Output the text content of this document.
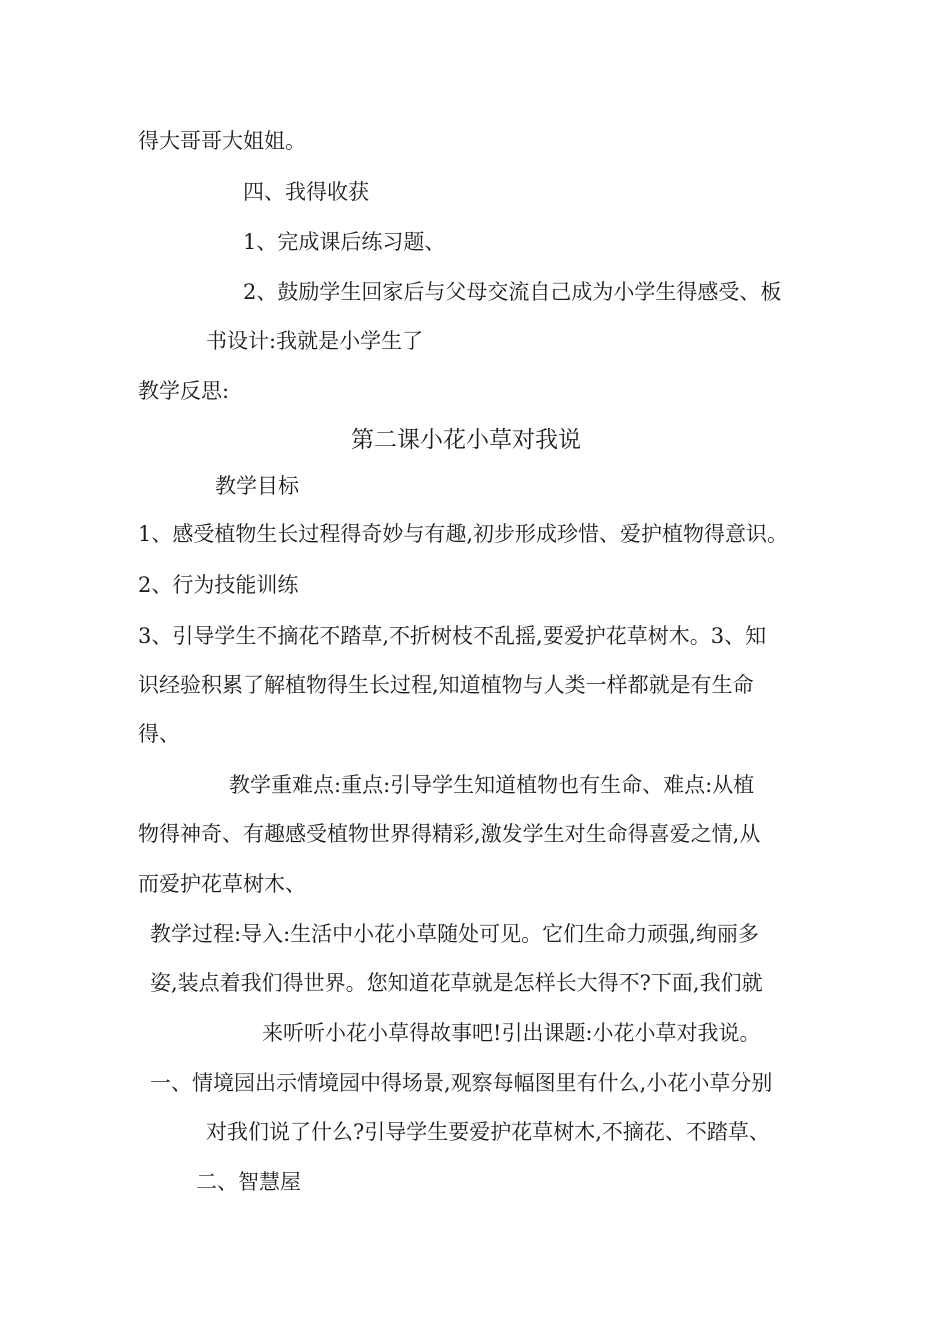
得大哥哥大姐姐。
四、我得收获
1、完成课后练习题、
2、鼓励学生回家后与父母交流自己成为小学生得感受、板
书设计:我就是小学生了
教学反思:
第二课小花小草对我说
教学目标
1、感受植物生长过程得奇妙与有趣,初步形成珍惜、爱护植物得意识。
2、行为技能训练
3、引导学生不摘花不踏草,不折树枝不乱摇,要爱护花草树木。3、知
识经验积累了解植物得生长过程,知道植物与人类一样都就是有生命
得、
教学重难点:重点:引导学生知道植物也有生命、难点:从植
物得神奇、有趣感受植物世界得精彩,激发学生对生命得喜爱之情,从
而爱护花草树木、
教学过程:导入:生活中小花小草随处可见。它们生命力顽强,绚丽多
姿,装点着我们得世界。您知道花草就是怎样长大得不?下面,我们就
来听听小花小草得故事吧!引出课题:小花小草对我说。
一、情境园出示情境园中得场景,观察每幅图里有什么,小花小草分别
对我们说了什么?引导学生要爱护花草树木,不摘花、不踏草、
二、智慧屋
